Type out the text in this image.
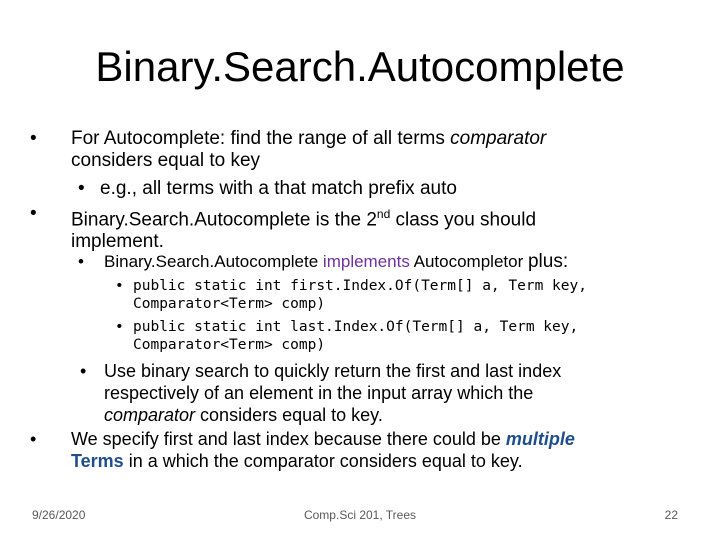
Binary.Search.Autocomplete
• For Autocomplete: find the range of all terms comparator
considers equal to key
• e.g., all terms with a that match prefix auto
• Binary.Search.Autocomplete is the 2nd class you should
implement.
• Binary.Search.Autocomplete implements Autocompletor plus:
• public static int first.Index.Of(Term[] a, Term key,
Comparator<Term> comp)
• public static int last.Index.Of(Term[] a, Term key,
Comparator<Term> comp)
• Use binary search to quickly return the first and last index
respectively of an element in the input array which the
comparator considers equal to key.
• We specify first and last index because there could be multiple
Terms in a which the comparator considers equal to key.
9/26/2020	Comp.Sci 201, Trees	22
